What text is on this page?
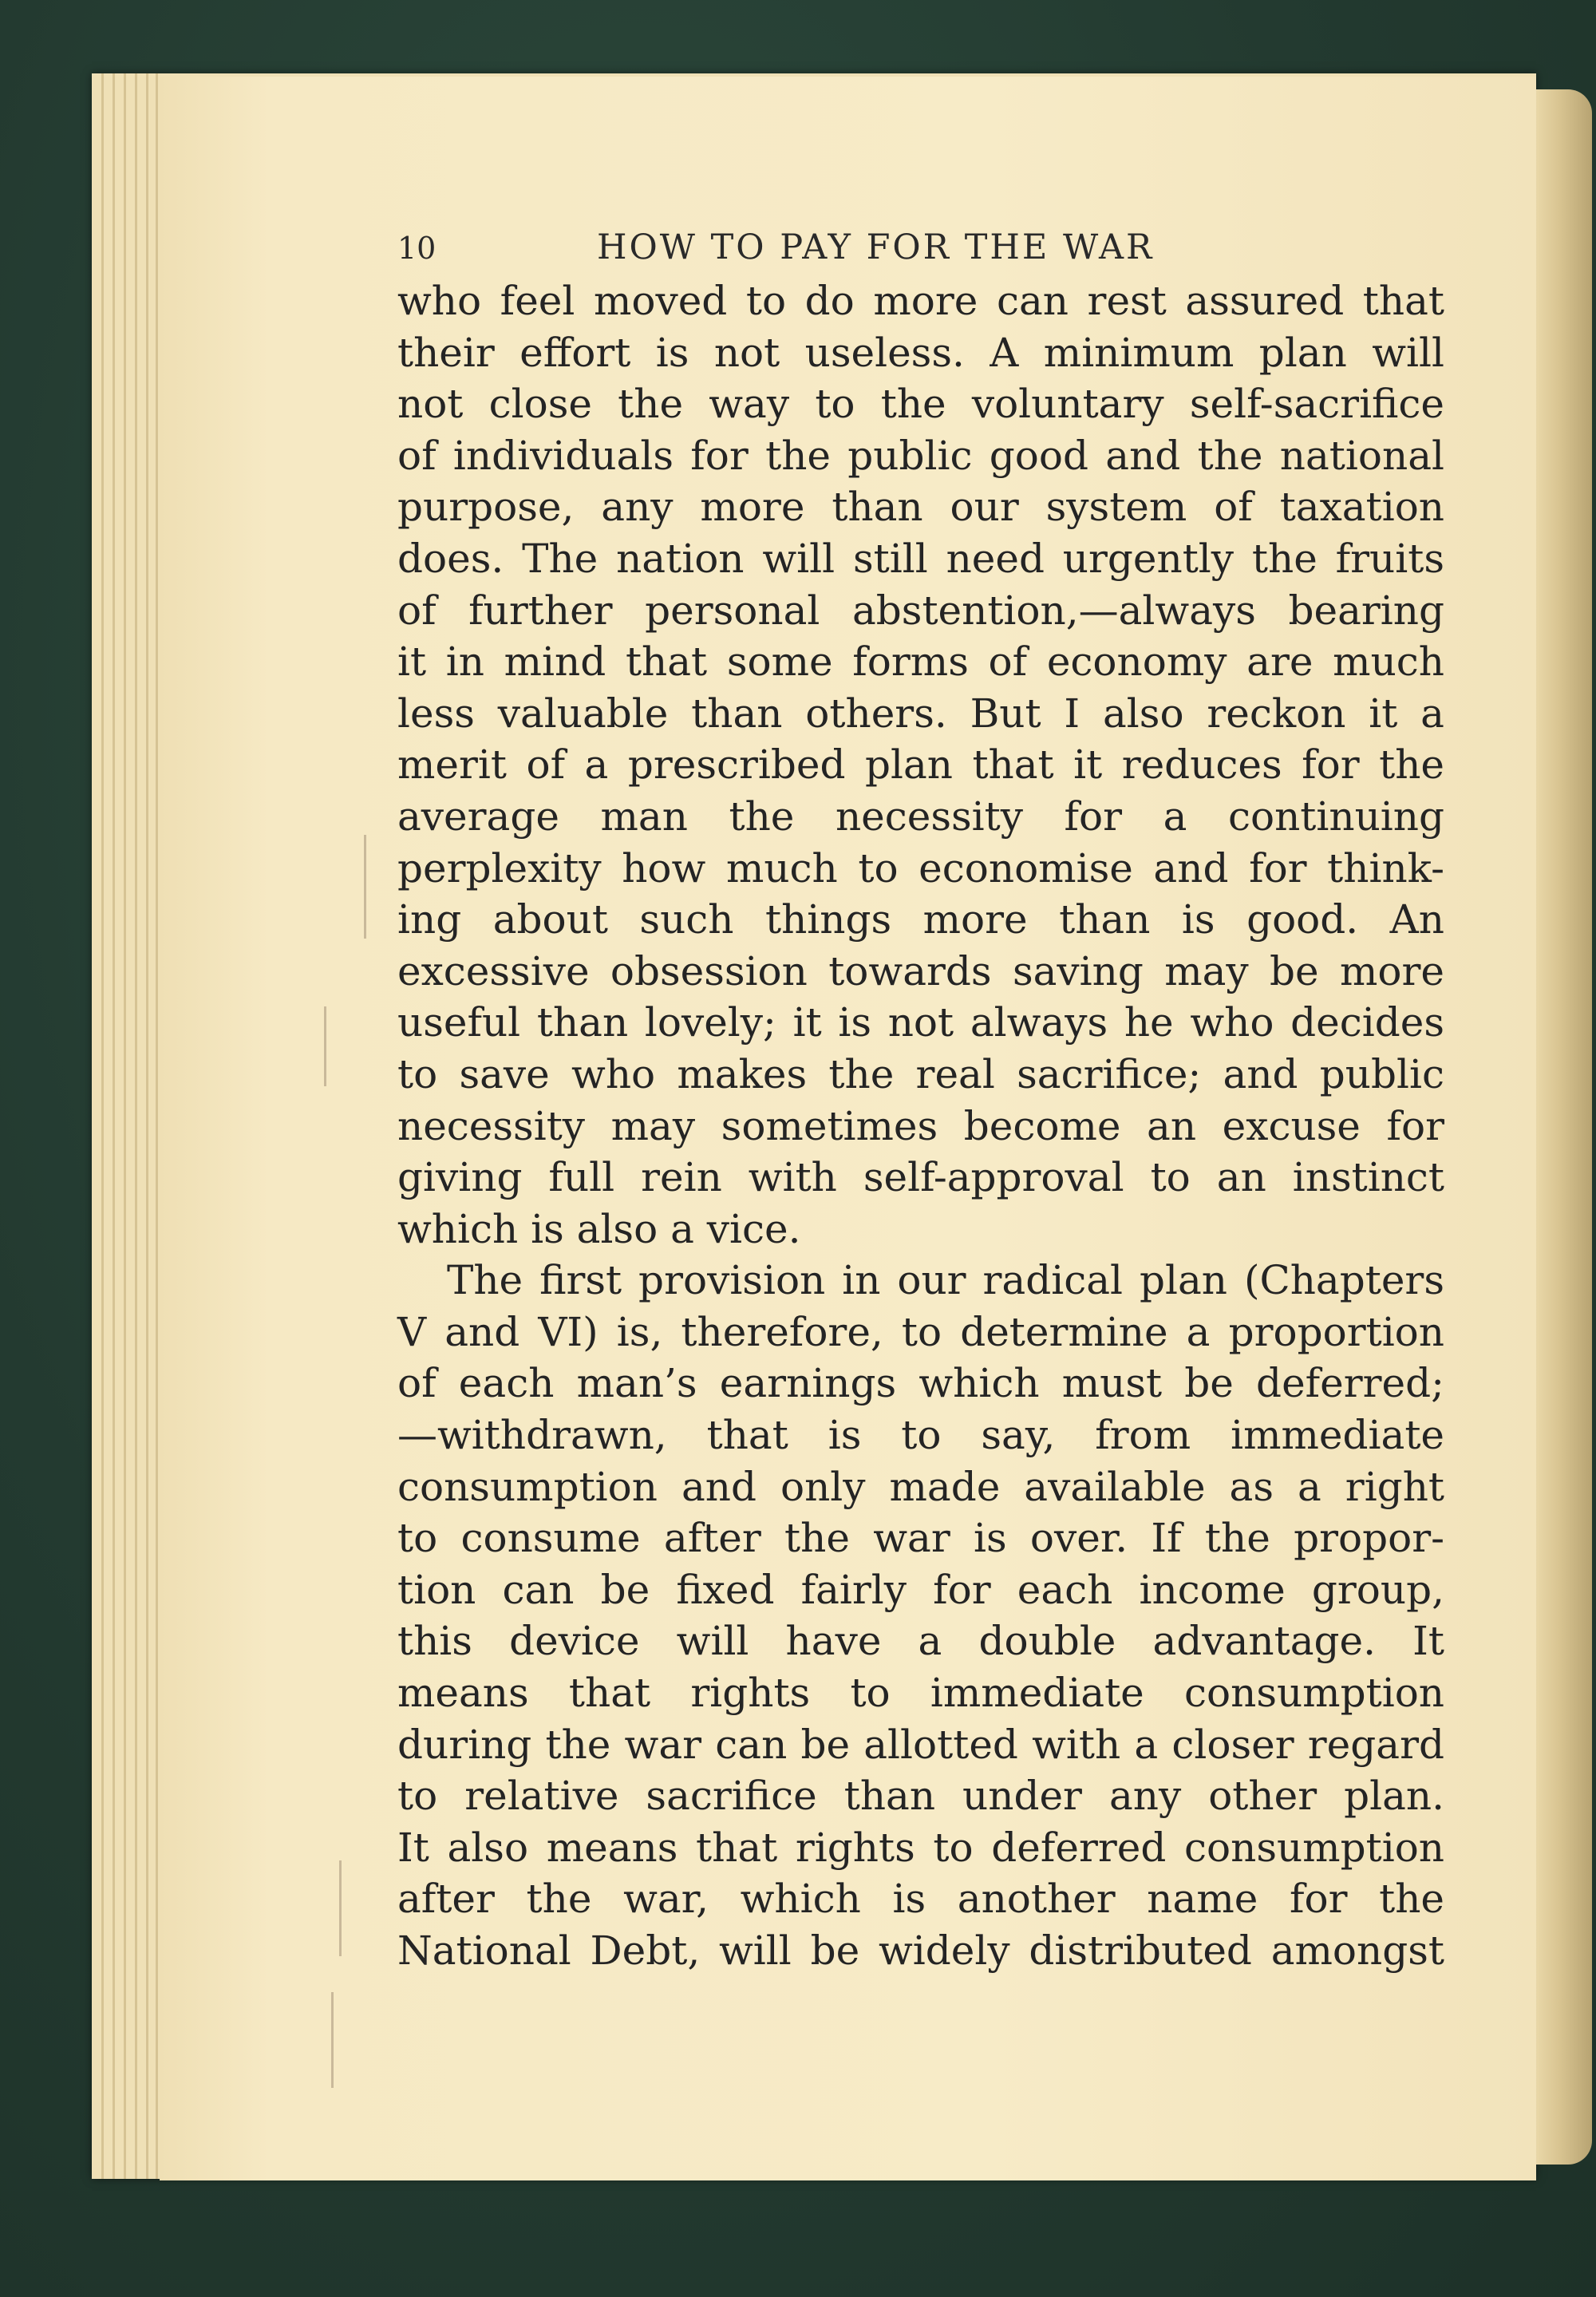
10	HOW TO PAY FOR THE WAR

who feel moved to do more can rest assured that
their effort is not useless. A minimum plan will
not close the way to the voluntary self-sacrifice
of individuals for the public good and the national
purpose, any more than our system of taxation
does. The nation will still need urgently the fruits
of further personal abstention,—always bearing
it in mind that some forms of economy are much
less valuable than others. But I also reckon it a
merit of a prescribed plan that it reduces for the
average man the necessity for a continuing
perplexity how much to economise and for think-
ing about such things more than is good. An
excessive obsession towards saving may be more
useful than lovely; it is not always he who decides
to save who makes the real sacrifice; and public
necessity may sometimes become an excuse for
giving full rein with self-approval to an instinct
which is also a vice.

The first provision in our radical plan (Chapters
V and VI) is, therefore, to determine a proportion
of each man’s earnings which must be deferred;
—withdrawn, that is to say, from immediate
consumption and only made available as a right
to consume after the war is over. If the propor-
tion can be fixed fairly for each income group,
this device will have a double advantage. It
means that rights to immediate consumption
during the war can be allotted with a closer regard
to relative sacrifice than under any other plan.
It also means that rights to deferred consumption
after the war, which is another name for the
National Debt, will be widely distributed amongst
